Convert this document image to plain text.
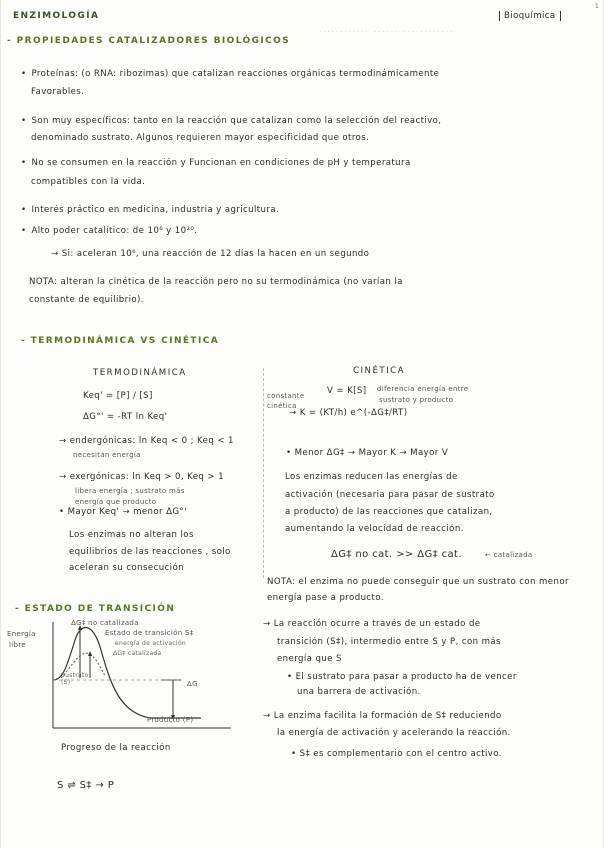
ENZIMOLOGÍA	Bioquímica
1
- PROPIEDADES CATALIZADORES BIOLÓGICOS
············ ······ ············
• Proteínas: (o RNA: ribozimas) que catalizan reacciones orgánicas termodinámicamente
Favorables.
• Son muy específicos: tanto en la reacción que catalizan como la selección del reactivo,
denominado sustrato. Algunos requieren mayor especificidad que otros.
• No se consumen en la reacción y Funcionan en condiciones de pH y temperatura
compatibles con la vida.
• Interés práctico en medicina, industria y agricultura.
• Alto poder catalítico: de 10⁶ y 10²⁰.
→ Si: aceleran 10⁶, una reacción de 12 días la hacen en un segundo
NOTA: alteran la cinética de la reacción pero no su termodinámica (no varían la
constante de equilibrio).
- TERMODINÁMICA VS CINÉTICA
TERMODINÁMICA
Keq' = [P] / [S]
ΔG°' = -RT ln Keq'
→ endergónicas: ln Keq < 0 ; Keq < 1
necesitan energía
→ exergónicas: ln Keq > 0, Keq > 1
libera energía ; sustrato más
energía que producto
• Mayor Keq' → menor ΔG°'
Los enzimas no alteran los
equilibrios de las reacciones , solo
aceleran su consecución
CINÉTICA
constante
cinética
V = K[S] diferencia energía entre
sustrato y producto
→ K = (KT/h) e^(-ΔG‡/RT)
• Menor ΔG‡ → Mayor K → Mayor V
Los enzimas reducen las energías de
activación (necesaria para pasar de sustrato
a producto) de las reacciones que catalizan,
aumentando la velocidad de reacción.
ΔG‡ no cat. >> ΔG‡ cat.	← catalizada
NOTA: el enzima no puede conseguir que un sustrato con menor
energía pase a producto.
- ESTADO DE TRANSICIÓN
Energía
libre
ΔG‡ no catalizada
Estado de transición S‡
energía de activación
ΔG‡ catalizada
Sustrato (S)	ΔG
Producto (P)
Progreso de la reacción
S ⇌ S‡ → P
→ La reacción ocurre a través de un estado de
transición (S‡), intermedio entre S y P, con más
energía que S
• El sustrato para pasar a producto ha de vencer
una barrera de activación.
→ La enzima facilita la formación de S‡ reduciendo
la energía de activación y acelerando la reacción.
• S‡ es complementario con el centro activo.
